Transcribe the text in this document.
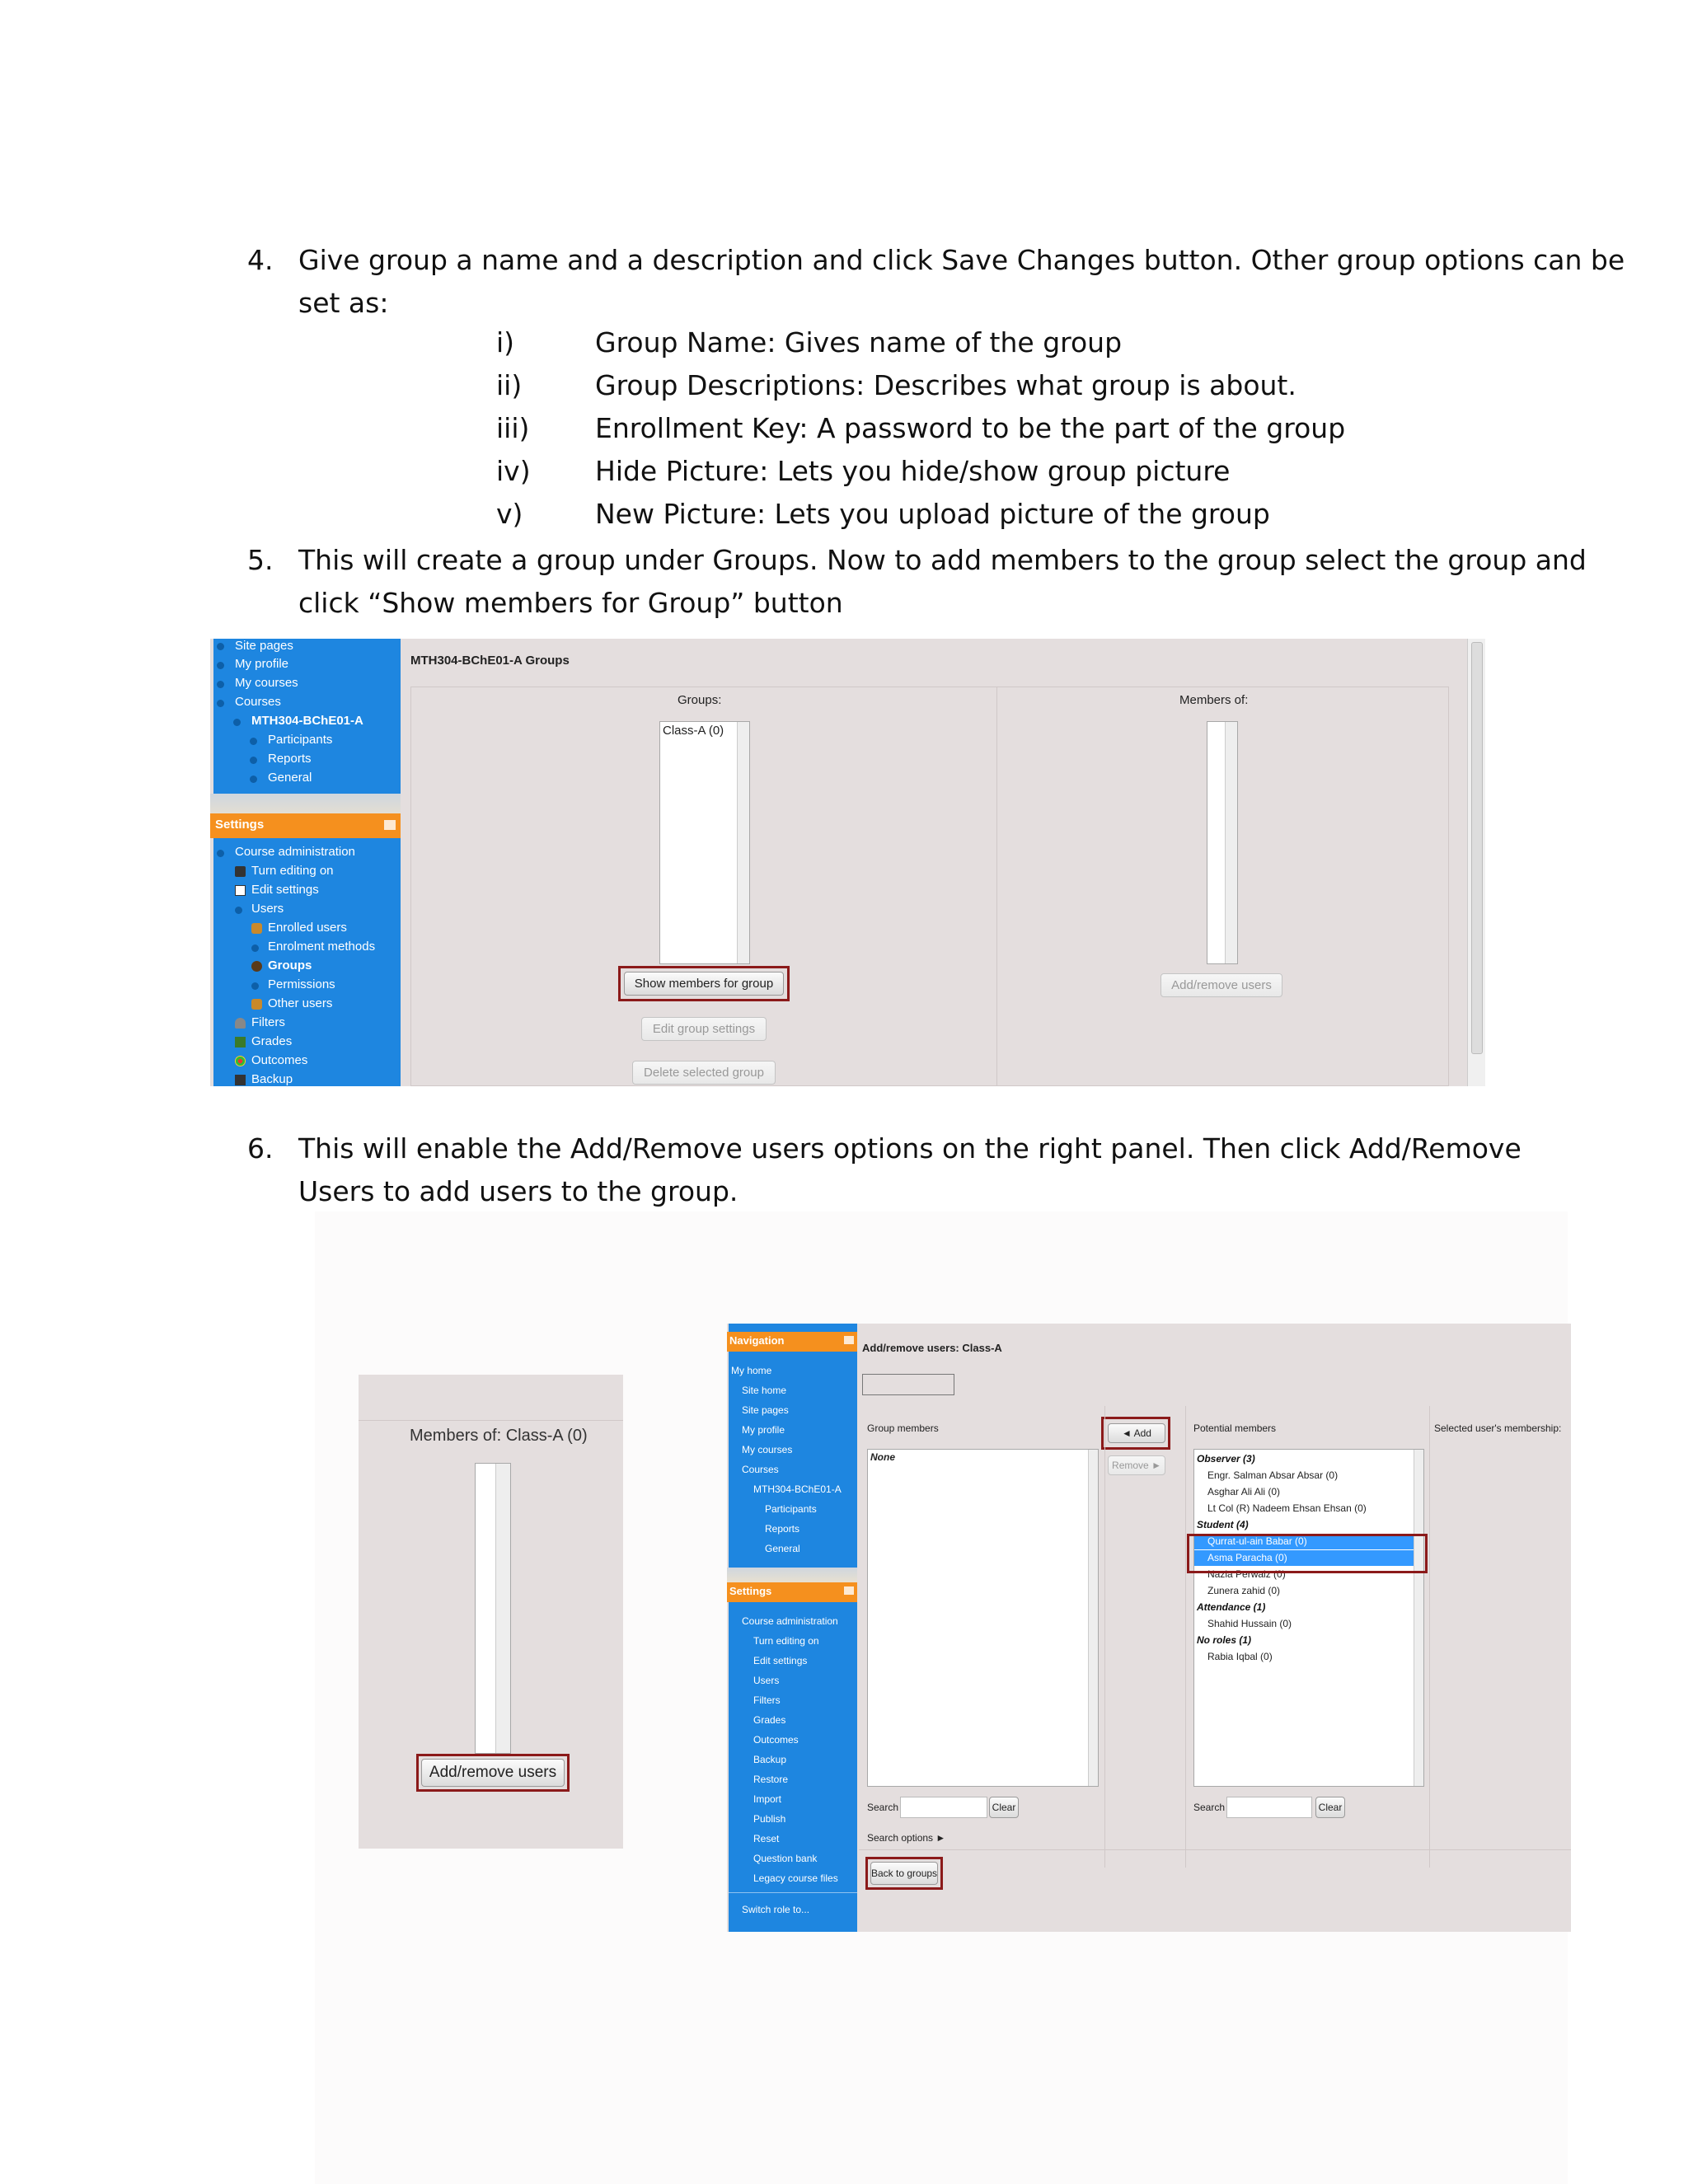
4. Give group a name and a description and click Save Changes button. Other group options can be
set as:
i)	Group Name: Gives name of the group
ii)	Group Descriptions: Describes what group is about.
iii) Enrollment Key: A password to be the part of the group
iv) Hide Picture: Lets you hide/show group picture
v)	New Picture: Lets you upload picture of the group
5. This will create a group under Groups. Now to add members to the group select the group and
click “Show members for Group” button
Settings
Site pages
My profile
My courses
Courses
MTH304-BChE01-A
Participants
Reports
General
Course administration
Turn editing on
Edit settings
Users
Enrolled users
Enrolment methods
Groups
Permissions
Other users
Filters
Grades
Outcomes
Backup
MTH304-BChE01-A Groups
Groups:	Members of:
Class-A (0)
Show members for group
Edit group settings
Delete selected group
Add/remove users
6. This will enable the Add/Remove users options on the right panel. Then click Add/Remove
Users to add users to the group.
Members of: Class-A (0)
Add/remove users
Navigation
Settings
My home
Site home
Site pages
My profile
My courses
Courses
MTH304-BChE01-A
Participants
Reports
General
Course administration
Turn editing on
Edit settings
Users
Filters
Grades
Outcomes
Backup
Restore
Import
Publish
Reset
Question bank
Legacy course files
Switch role to...
Add/remove users: Class-A
Group members
None
◄ Add
Remove ►
Potential members	Selected user's membership:
Observer (3)
Engr. Salman Absar Absar (0)
Asghar Ali Ali (0)
Lt Col (R) Nadeem Ehsan Ehsan (0)
Student (4)
Qurrat-ul-ain Babar (0)
Asma Paracha (0)
Nazia Perwaiz (0)
Zunera zahid (0)
Attendance (1)
Shahid Hussain (0)
No roles (1)
Rabia Iqbal (0)
Search	Clear	Search	Clear
Search options ►
Back to groups
